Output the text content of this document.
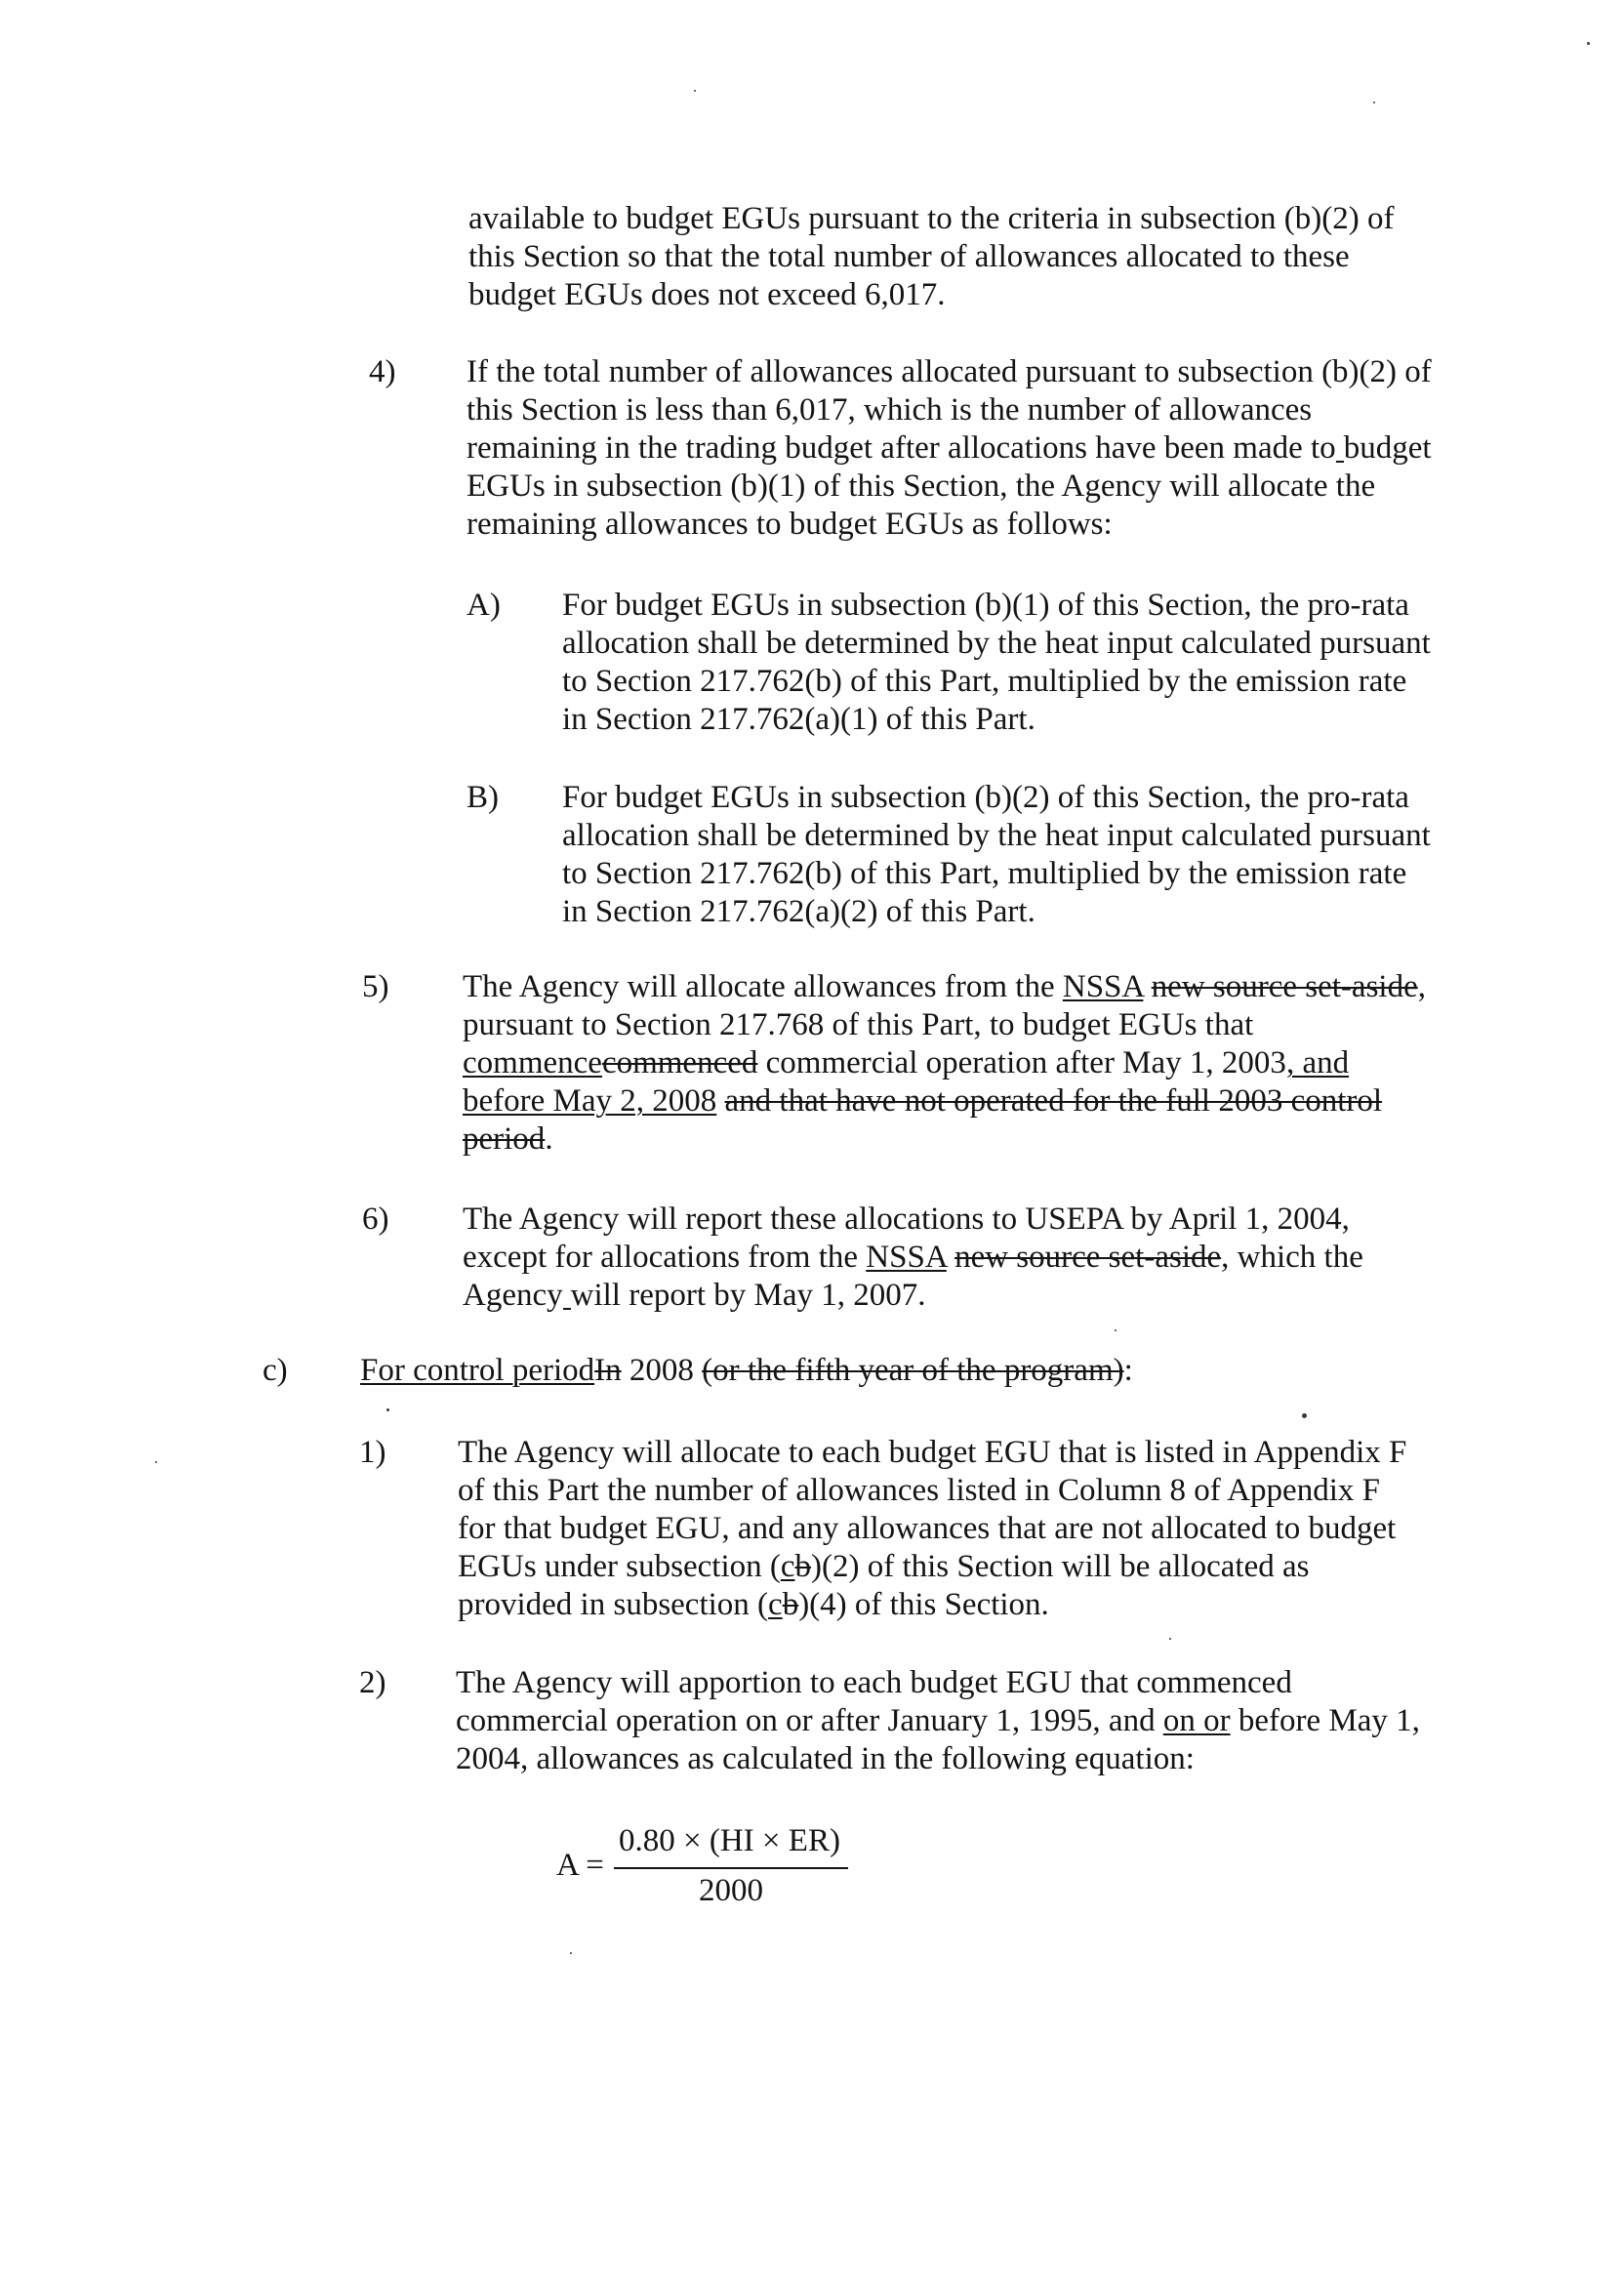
available to budget EGUs pursuant to the criteria in subsection (b)(2) of
this Section so that the total number of allowances allocated to these
budget EGUs does not exceed 6,017.
4) If the total number of allowances allocated pursuant to subsection (b)(2) of
this Section is less than 6,017, which is the number of allowances
remaining in the trading budget after allocations have been made to budget
EGUs in subsection (b)(1) of this Section, the Agency will allocate the
remaining allowances to budget EGUs as follows:
A) For budget EGUs in subsection (b)(1) of this Section, the pro-rata
allocation shall be determined by the heat input calculated pursuant
to Section 217.762(b) of this Part, multiplied by the emission rate
in Section 217.762(a)(1) of this Part.
B) For budget EGUs in subsection (b)(2) of this Section, the pro-rata
allocation shall be determined by the heat input calculated pursuant
to Section 217.762(b) of this Part, multiplied by the emission rate
in Section 217.762(a)(2) of this Part.
5) The Agency will allocate allowances from the NSSA new source set-aside,
pursuant to Section 217.768 of this Part, to budget EGUs that
commencecommenced commercial operation after May 1, 2003, and
before May 2, 2008 and that have not operated for the full 2003 control
period.
6) The Agency will report these allocations to USEPA by April 1, 2004,
except for allocations from the NSSA new source set-aside, which the
Agency will report by May 1, 2007.
c) For control periodIn 2008 (or the fifth year of the program):
1) The Agency will allocate to each budget EGU that is listed in Appendix F
of this Part the number of allowances listed in Column 8 of Appendix F
for that budget EGU, and any allowances that are not allocated to budget
EGUs under subsection (cb)(2) of this Section will be allocated as
provided in subsection (cb)(4) of this Section.
2) The Agency will apportion to each budget EGU that commenced
commercial operation on or after January 1, 1995, and on or before May 1,
2004, allowances as calculated in the following equation:
A =
0.80 × (HI × ER)
2000
